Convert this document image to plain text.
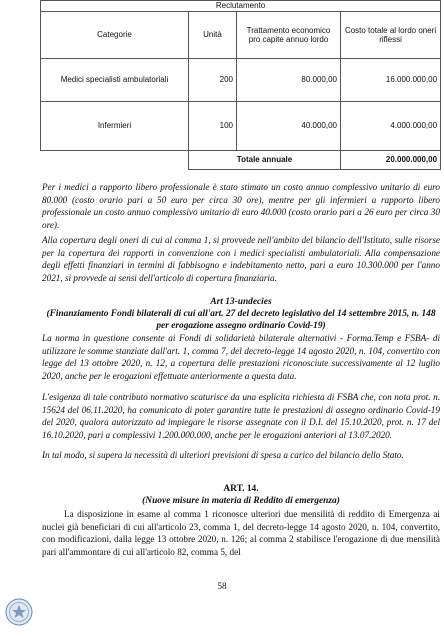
Reclutamento			
Categorie	Unità	Trattamento economico pro capite annuo lordo	Costo totale al lordo oneri riflessi
Medici specialisti ambulatoriali	200	80.000,00	16.000.000,00
Infermieri	100	40.000,00	4.000.000,00
	Totale annuale		20.000.000,00

Per i medici a rapporto libero professionale è stato stimato un costo annuo complessivo unitario di euro 80.000 (costo orario pari a 50 euro per circa 30 ore), mentre per gli infermieri a rapporto libero professionale un costo annuo complessivo unitario di euro 40.000 (costo orario pari a 26 euro per circa 30 ore).

Alla copertura degli oneri di cui al comma 1, si provvede nell'ambito del bilancio dell'Istituto, sulle risorse per la copertura dei rapporti in convenzione con i medici specialisti ambulatoriali. Alla compensazione degli effetti finanziari in termini di fabbisogno e indebitamento netto, pari a euro 10.300.000 per l'anno 2021, si provvede ai sensi dell'articolo di copertura finanziaria.

Art 13-undecies

(Finanziamento Fondi bilaterali di cui all'art. 27 del decreto legislativo del 14 settembre 2015, n. 148 per erogazione assegno ordinario Covid-19)

La norma in questione consente ai Fondi di solidarietà bilaterale alternativi - Forma.Temp e FSBA- di utilizzare le somme stanziate dall'art. 1, comma 7, del decreto-legge 14 agosto 2020, n. 104, convertito con legge del 13 ottobre 2020, n. 12, a copertura delle prestazioni riconosciute successivamente al 12 luglio 2020, anche per le erogazioni effettuate anteriormente a questa data.

L'esigenza di tale contributo normativo scaturisce da una esplicita richiesta di FSBA che, con nota prot. n. 15624 del 06.11.2020, ha comunicato di poter garantire tutte le prestazioni di assegno ordinario Covid-19 del 2020, qualora autorizzato ad impiegare le risorse assegnate con il D.I. del 15.10.2020, prot. n. 17 del 16.10.2020, pari a complessivi 1.200.000.000, anche per le erogazioni anteriori al 13.07.2020.

In tal modo, si supera la necessità di ulteriori previsioni di spesa a carico del bilancio dello Stato.

ART. 14.

(Nuove misure in materia di Reddito di emergenza)

La disposizione in esame al comma 1 riconosce ulteriori due mensilità di reddito di Emergenza ai nuclei già beneficiari di cui all'articolo 23, comma 1, del decreto-legge 14 agosto 2020, n. 104, convertito, con modificazioni, dalla legge 13 ottobre 2020, n. 126; al comma 2 stabilisce l'erogazione di due mensilità pari all'ammontare di cui all'articolo 82, comma 5, del

58
